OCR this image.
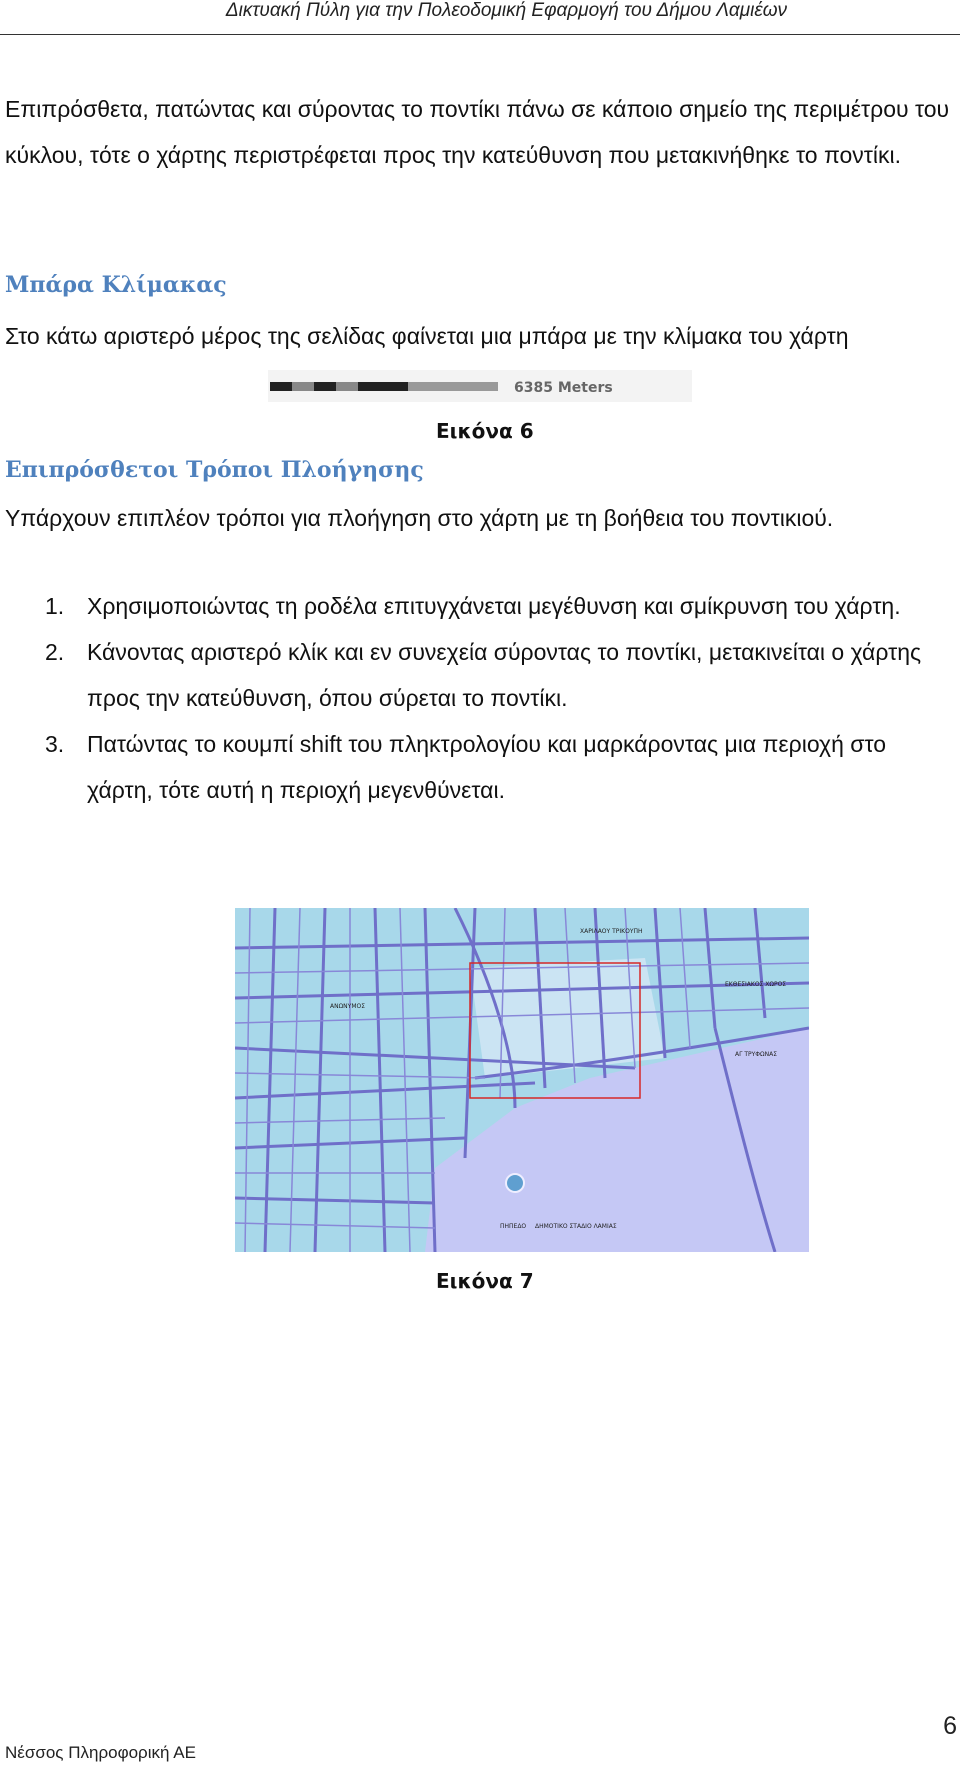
Δικτυακή Πύλη για την Πολεοδομική Εφαρμογή του Δήμου Λαμιέων
Επιπρόσθετα, πατώντας και σύροντας το ποντίκι πάνω σε κάποιο σημείο της περιμέτρου του κύκλου, τότε ο χάρτης περιστρέφεται προς την κατεύθυνση που μετακινήθηκε το ποντίκι.
Μπάρα Κλίμακας
Στο κάτω αριστερό μέρος της σελίδας φαίνεται μια μπάρα με την κλίμακα του χάρτη
6385 Meters
Εικόνα 6
Επιπρόσθετοι Τρόποι Πλοήγησης
Υπάρχουν επιπλέον τρόποι για πλοήγηση στο χάρτη με τη βοήθεια του ποντικιού.
1. Χρησιμοποιώντας τη ροδέλα επιτυγχάνεται μεγέθυνση και σμίκρυνση του χάρτη.
2. Κάνοντας αριστερό κλίκ και εν συνεχεία σύροντας το ποντίκι, μετακινείται ο χάρτης προς την κατεύθυνση, όπου σύρεται το ποντίκι.
3. Πατώντας το κουμπί shift του πληκτρολογίου και μαρκάροντας μια περιοχή στο χάρτη, τότε αυτή η περιοχή μεγενθύνεται.
ΧΑΡΙΛΑΟΥ ΤΡΙΚΟΥΠΗ
ΠΗΠΕΔΟ ΔΗΜΟΤΙΚΟ ΣΤΑΔΙΟ ΛΑΜΙΑΣ
ΑΓ ΤΡΥΦΩΝΑΣ
ΕΚΘΕΣΙΑΚΟΣ ΧΩΡΟΣ
ΑΝΩΝΥΜΟΣ
Εικόνα 7
6
Νέσσος Πληροφορική ΑΕ
